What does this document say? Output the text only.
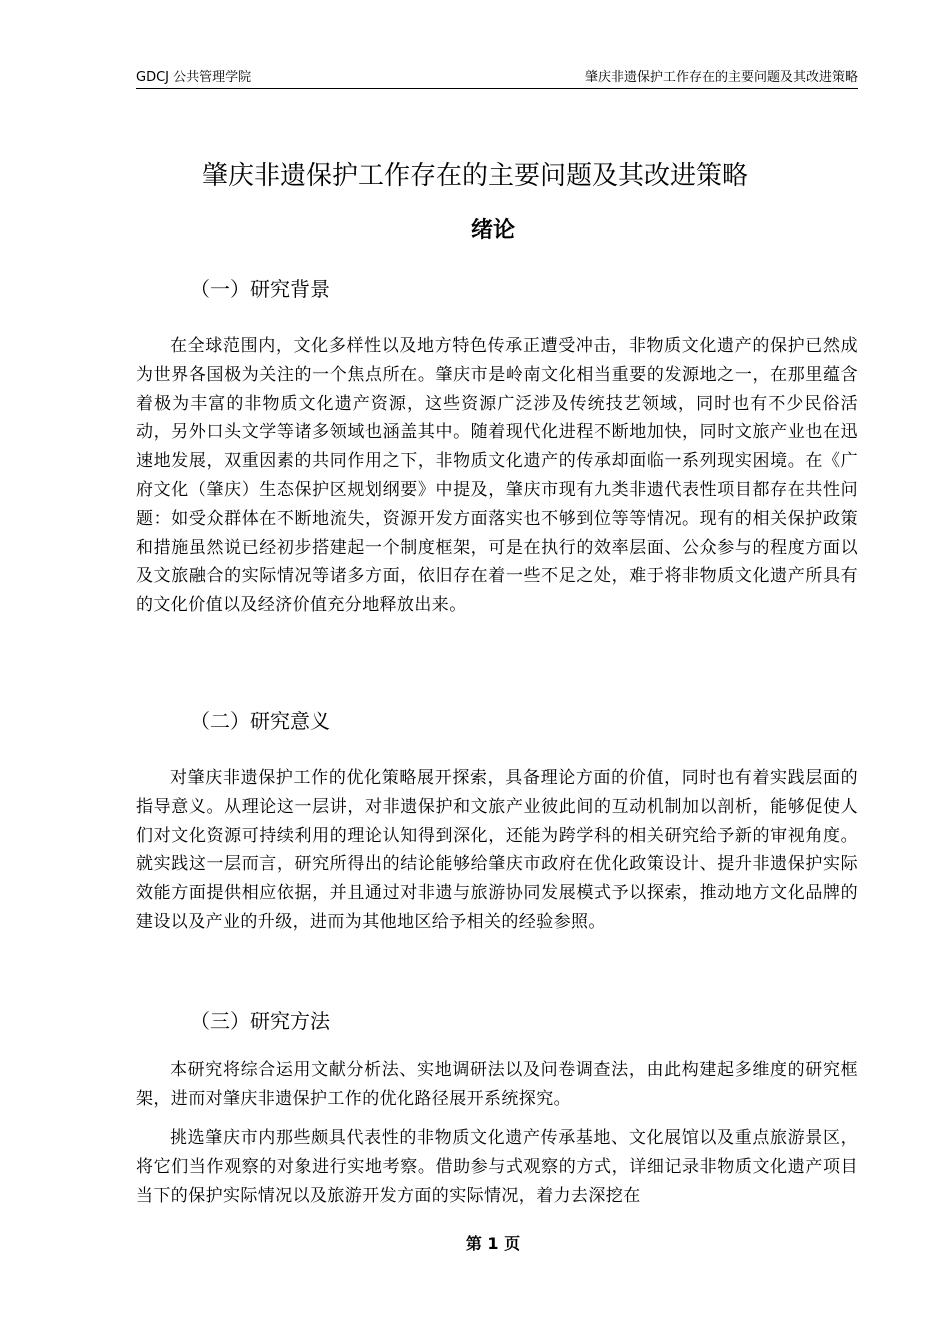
GDCJ 公共管理学院	肇庆非遗保护工作存在的主要问题及其改进策略
肇庆非遗保护工作存在的主要问题及其改进策略
绪论
（一）研究背景

在全球范围内，文化多样性以及地方特色传承正遭受冲击，非物质文化遗产的保护已然成为世界各国极为关注的一个焦点所在。肇庆市是岭南文化相当重要的发源地之一，在那里蕴含着极为丰富的非物质文化遗产资源，这些资源广泛涉及传统技艺领域，同时也有不少民俗活动，另外口头文学等诸多领域也涵盖其中。随着现代化进程不断地加快，同时文旅产业也在迅速地发展，双重因素的共同作用之下，非物质文化遗产的传承却面临一系列现实困境。在《广府文化（肇庆）生态保护区规划纲要》中提及，肇庆市现有九类非遗代表性项目都存在共性问题：如受众群体在不断地流失，资源开发方面落实也不够到位等等情况。现有的相关保护政策和措施虽然说已经初步搭建起一个制度框架，可是在执行的效率层面、公众参与的程度方面以及文旅融合的实际情况等诸多方面，依旧存在着一些不足之处，难于将非物质文化遗产所具有的文化价值以及经济价值充分地释放出来。

（二）研究意义

对肇庆非遗保护工作的优化策略展开探索，具备理论方面的价值，同时也有着实践层面的指导意义。从理论这一层讲，对非遗保护和文旅产业彼此间的互动机制加以剖析，能够促使人们对文化资源可持续利用的理论认知得到深化，还能为跨学科的相关研究给予新的审视角度。就实践这一层而言，研究所得出的结论能够给肇庆市政府在优化政策设计、提升非遗保护实际效能方面提供相应依据，并且通过对非遗与旅游协同发展模式予以探索，推动地方文化品牌的建设以及产业的升级，进而为其他地区给予相关的经验参照。

（三）研究方法

本研究将综合运用文献分析法、实地调研法以及问卷调查法，由此构建起多维度的研究框架，进而对肇庆非遗保护工作的优化路径展开系统探究。

挑选肇庆市内那些颇具代表性的非物质文化遗产传承基地、文化展馆以及重点旅游景区，将它们当作观察的对象进行实地考察。借助参与式观察的方式，详细记录非物质文化遗产项目当下的保护实际情况以及旅游开发方面的实际情况，着力去深挖在

第 1 页
